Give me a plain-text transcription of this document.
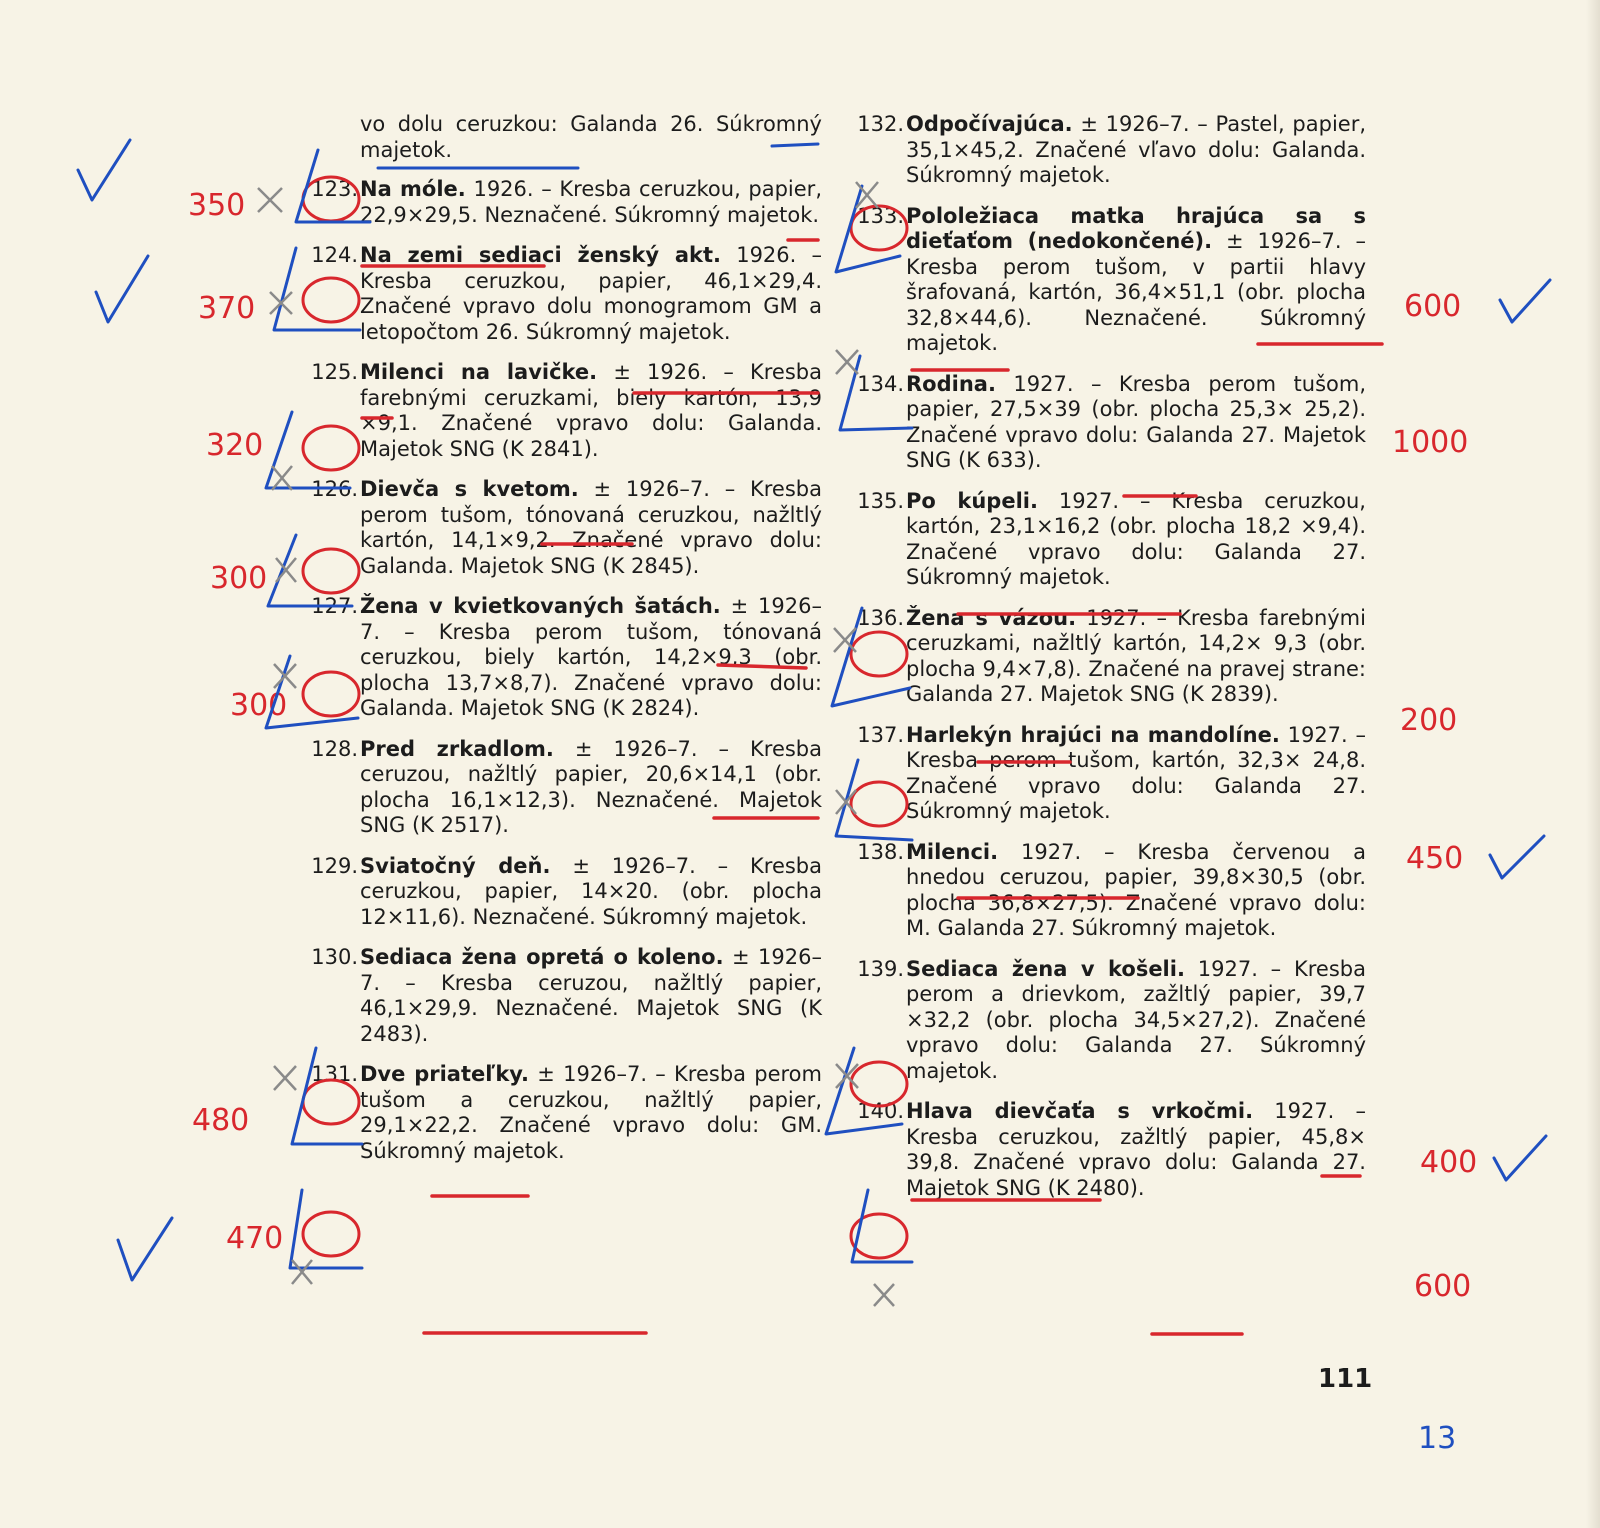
vo dolu ceruzkou: Galanda 26. Súkromný majetok.
123. Na móle. 1926. – Kresba ceruzkou, papier, 22,9×29,5. Neznačené. Súkromný majetok.
124. Na zemi sediaci ženský akt. 1926. – Kresba ceruzkou, papier, 46,1×29,4. Značené vpravo dolu monogramom GM a letopočtom 26. Súkromný majetok.
125. Milenci na lavičke. ± 1926. – Kresba farebnými ceruzkami, biely kartón, 13,9 ×9,1. Značené vpravo dolu: Galanda. Majetok SNG (K 2841).
126. Dievča s kvetom. ± 1926–7. – Kresba perom tušom, tónovaná ceruzkou, nažltlý kartón, 14,1×9,2. Značené vpravo dolu: Galanda. Majetok SNG (K 2845).
127. Žena v kvietkovaných šatách. ± 1926–7. – Kresba perom tušom, tónovaná ceruzkou, biely kartón, 14,2×9,3 (obr. plocha 13,7×8,7). Značené vpravo dolu: Galanda. Majetok SNG (K 2824).
128. Pred zrkadlom. ± 1926–7. – Kresba ceruzou, nažltlý papier, 20,6×14,1 (obr. plocha 16,1×12,3). Neznačené. Majetok SNG (K 2517).
129. Sviatočný deň. ± 1926–7. – Kresba ceruzkou, papier, 14×20. (obr. plocha 12×11,6). Neznačené. Súkromný majetok.
130. Sediaca žena opretá o koleno. ± 1926–7. – Kresba ceruzou, nažltlý papier, 46,1×29,9. Neznačené. Majetok SNG (K 2483).
131. Dve priateľky. ± 1926–7. – Kresba perom tušom a ceruzkou, nažltlý papier, 29,1×22,2. Značené vpravo dolu: GM. Súkromný majetok.
132. Odpočívajúca. ± 1926–7. – Pastel, papier, 35,1×45,2. Značené vľavo dolu: Galanda. Súkromný majetok.
133. Pololežiaca matka hrajúca sa s dieťaťom (nedokončené). ± 1926–7. – Kresba perom tušom, v partii hlavy šrafovaná, kartón, 36,4×51,1 (obr. plocha 32,8×44,6). Neznačené. Súkromný majetok.
134. Rodina. 1927. – Kresba perom tušom, papier, 27,5×39 (obr. plocha 25,3× 25,2). Značené vpravo dolu: Galanda 27. Majetok SNG (K 633).
135. Po kúpeli. 1927. – Kresba ceruzkou, kartón, 23,1×16,2 (obr. plocha 18,2 ×9,4). Značené vpravo dolu: Galanda 27. Súkromný majetok.
136. Žena s vázou. 1927. – Kresba farebnými ceruzkami, nažltlý kartón, 14,2× 9,3 (obr. plocha 9,4×7,8). Značené na pravej strane: Galanda 27. Majetok SNG (K 2839).
137. Harlekýn hrajúci na mandolíne. 1927. – Kresba perom tušom, kartón, 32,3× 24,8. Značené vpravo dolu: Galanda 27. Súkromný majetok.
138. Milenci. 1927. – Kresba červenou a hnedou ceruzou, papier, 39,8×30,5 (obr. plocha 36,8×27,5). Značené vpravo dolu: M. Galanda 27. Súkromný majetok.
139. Sediaca žena v košeli. 1927. – Kresba perom a drievkom, zažltlý papier, 39,7 ×32,2 (obr. plocha 34,5×27,2). Značené vpravo dolu: Galanda 27. Súkromný majetok.
140. Hlava dievčaťa s vrkočmi. 1927. – Kresba ceruzkou, zažltlý papier, 45,8× 39,8. Značené vpravo dolu: Galanda 27. Majetok SNG (K 2480).
111
350
370
320
300
300
480
470
600
1000
200
450
400
600
13
